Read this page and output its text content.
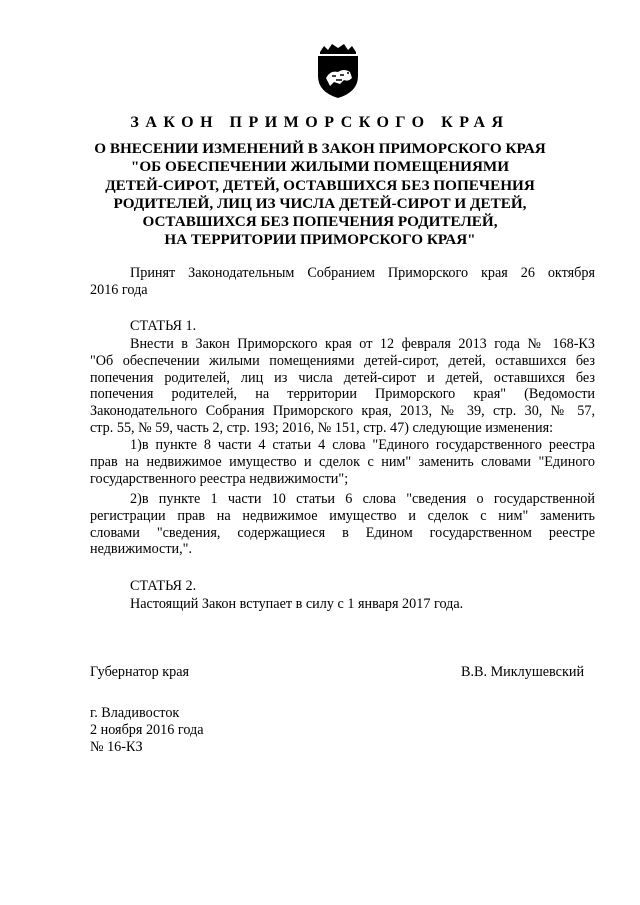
ЗАКОН ПРИМОРСКОГО КРАЯ
О ВНЕСЕНИИ ИЗМЕНЕНИЙ В ЗАКОН ПРИМОРСКОГО КРАЯ
"ОБ ОБЕСПЕЧЕНИИ ЖИЛЫМИ ПОМЕЩЕНИЯМИ
ДЕТЕЙ-СИРОТ, ДЕТЕЙ, ОСТАВШИХСЯ БЕЗ ПОПЕЧЕНИЯ
РОДИТЕЛЕЙ, ЛИЦ ИЗ ЧИСЛА ДЕТЕЙ-СИРОТ И ДЕТЕЙ,
ОСТАВШИХСЯ БЕЗ ПОПЕЧЕНИЯ РОДИТЕЛЕЙ,
НА ТЕРРИТОРИИ ПРИМОРСКОГО КРАЯ"
Принят Законодательным Собранием Приморского края 26 октября
2016 года
СТАТЬЯ 1.
Внести в Закон Приморского края от 12 февраля 2013 года № 168-КЗ
"Об обеспечении жилыми помещениями детей-сирот, детей, оставшихся без
попечения родителей, лиц из числа детей-сирот и детей, оставшихся без
попечения родителей, на территории Приморского края" (Ведомости
Законодательного Собрания Приморского края, 2013, № 39, стр. 30, № 57,
стр. 55, № 59, часть 2, стр. 193; 2016, № 151, стр. 47) следующие изменения:
1)в пункте 8 части 4 статьи 4 слова "Единого государственного реестра
прав на недвижимое имущество и сделок с ним" заменить словами "Единого
государственного реестра недвижимости";
2)в пункте 1 части 10 статьи 6 слова "сведения о государственной
регистрации прав на недвижимое имущество и сделок с ним" заменить
словами "сведения, содержащиеся в Едином государственном реестре
недвижимости,".
СТАТЬЯ 2.
Настоящий Закон вступает в силу с 1 января 2017 года.
Губернатор края	В.В. Миклушевский
г. Владивосток
2 ноября 2016 года
№ 16-КЗ
